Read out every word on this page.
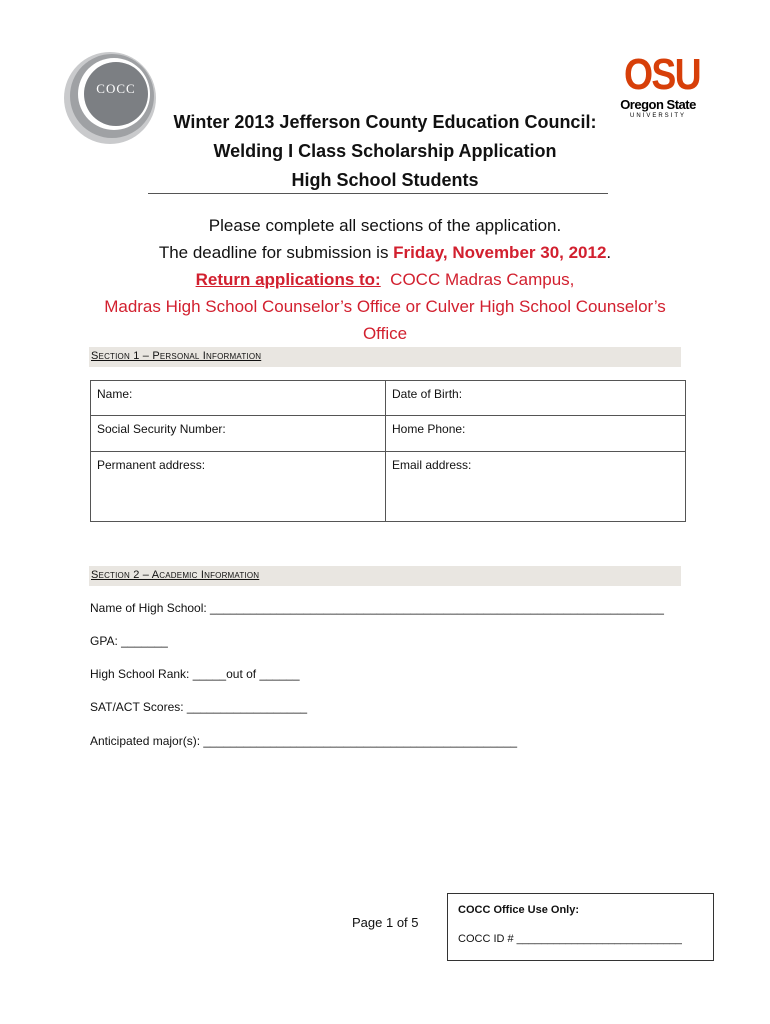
COCC	OSU
Oregon State
UNIVERSITY
Winter 2013 Jefferson County Education Council:
Welding I Class Scholarship Application
High School Students
Please complete all sections of the application.
The deadline for submission is Friday, November 30, 2012.
Return applications to:  COCC Madras Campus,
Madras High School Counselor’s Office or Culver High School Counselor’s Office
Section 1 – Personal Information
Name:	Date of Birth:
Social Security Number:	Home Phone:
Permanent address:	Email address:
Section 2 – Academic Information
Name of High School: ____________________________________________________________________
GPA: _______
High School Rank: _____out of ______
SAT/ACT Scores: __________________
Anticipated major(s): _______________________________________________
Page 1 of 5
COCC Office Use Only:
COCC ID # ___________________________
